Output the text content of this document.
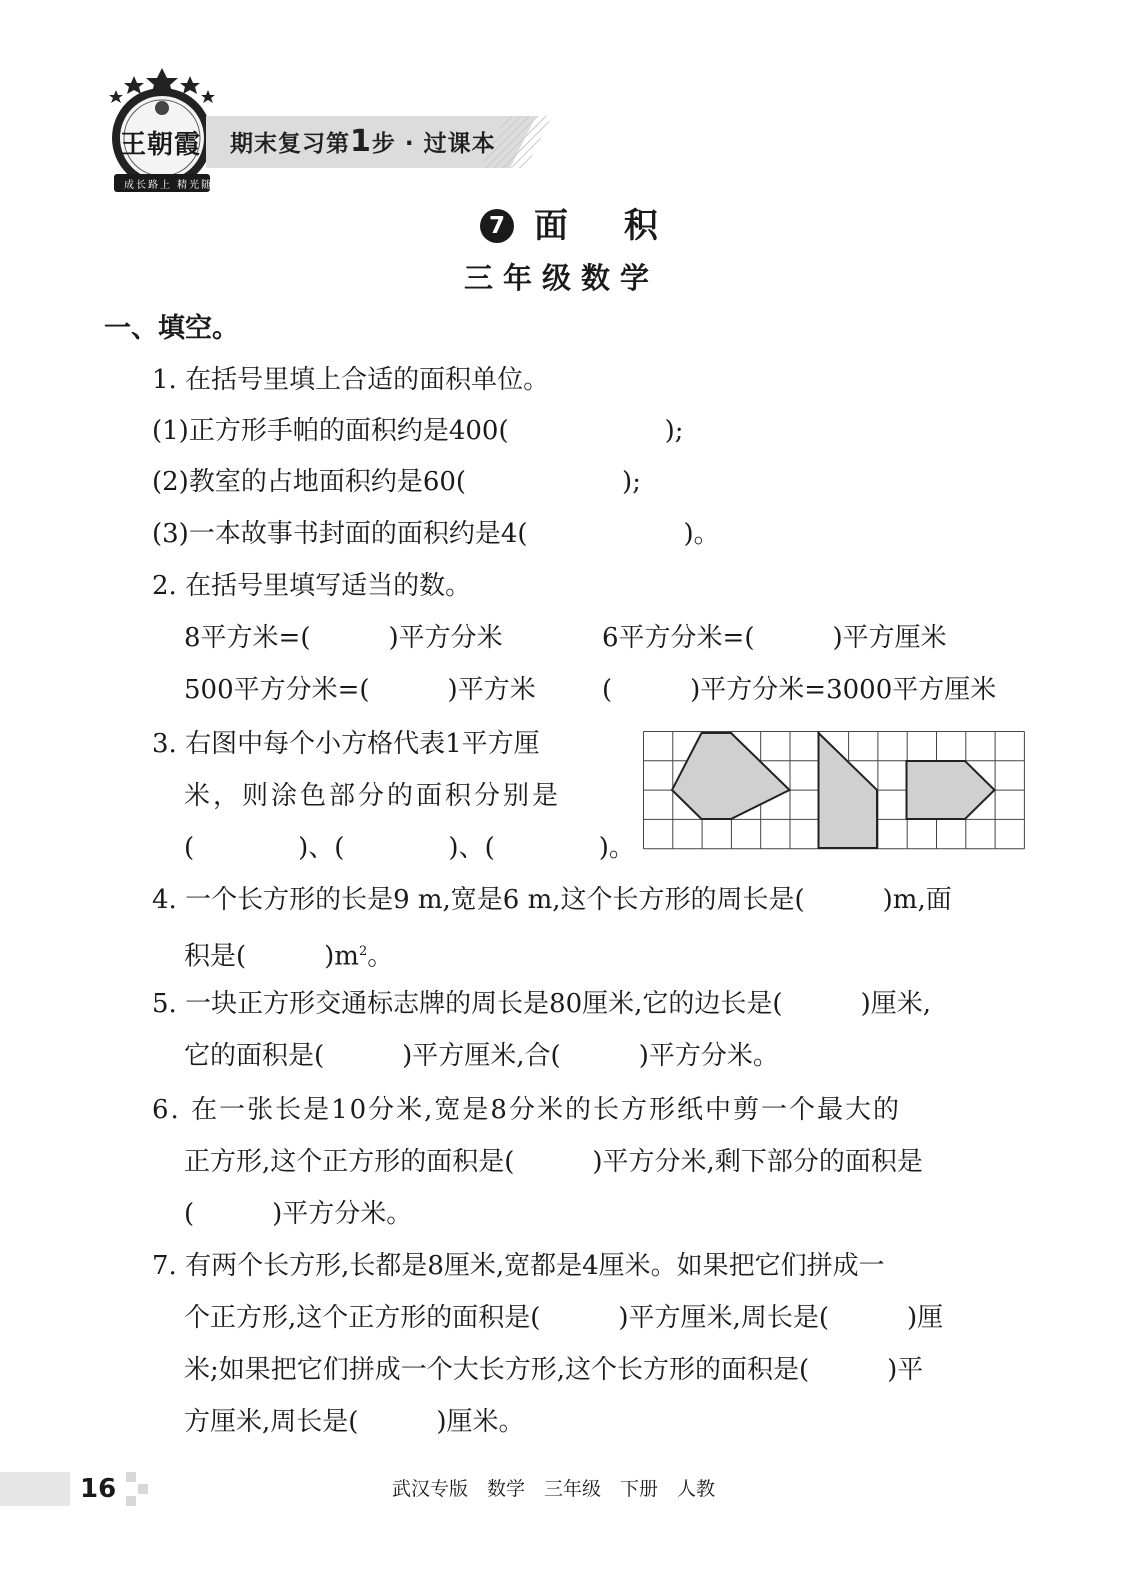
王朝霞
成长路上 精光随行
期末复习第1步 · 过课本
7 面 积
三年级数学
一、填空。
1. 在括号里填上合适的面积单位。
(1)正方形手帕的面积约是400(　　　　　　);
(2)教室的占地面积约是60(　　　　　　);
(3)一本故事书封面的面积约是4(　　　　　　)。
2. 在括号里填写适当的数。
8平方米=(　　　)平方分米	6平方分米=(　　　)平方厘米
500平方分米=(　　　)平方米	(　　　)平方分米=3000平方厘米
3. 右图中每个小方格代表1平方厘
米，则涂色部分的面积分别是
(　　　　)、(　　　　)、(　　　　)。
4. 一个长方形的长是9 m,宽是6 m,这个长方形的周长是(　　　)m,面
积是(　　　)$m^2$。
5. 一块正方形交通标志牌的周长是80厘米,它的边长是(　　　)厘米,
它的面积是(　　　)平方厘米,合(　　　)平方分米。
6. 在一张长是10分米,宽是8分米的长方形纸中剪一个最大的
正方形,这个正方形的面积是(　　　)平方分米,剩下部分的面积是
(　　　)平方分米。
7. 有两个长方形,长都是8厘米,宽都是4厘米。如果把它们拼成一
个正方形,这个正方形的面积是(　　　)平方厘米,周长是(　　　)厘
米;如果把它们拼成一个大长方形,这个长方形的面积是(　　　)平
方厘米,周长是(　　　)厘米。
16	武汉专版　数学　三年级　下册　人教
